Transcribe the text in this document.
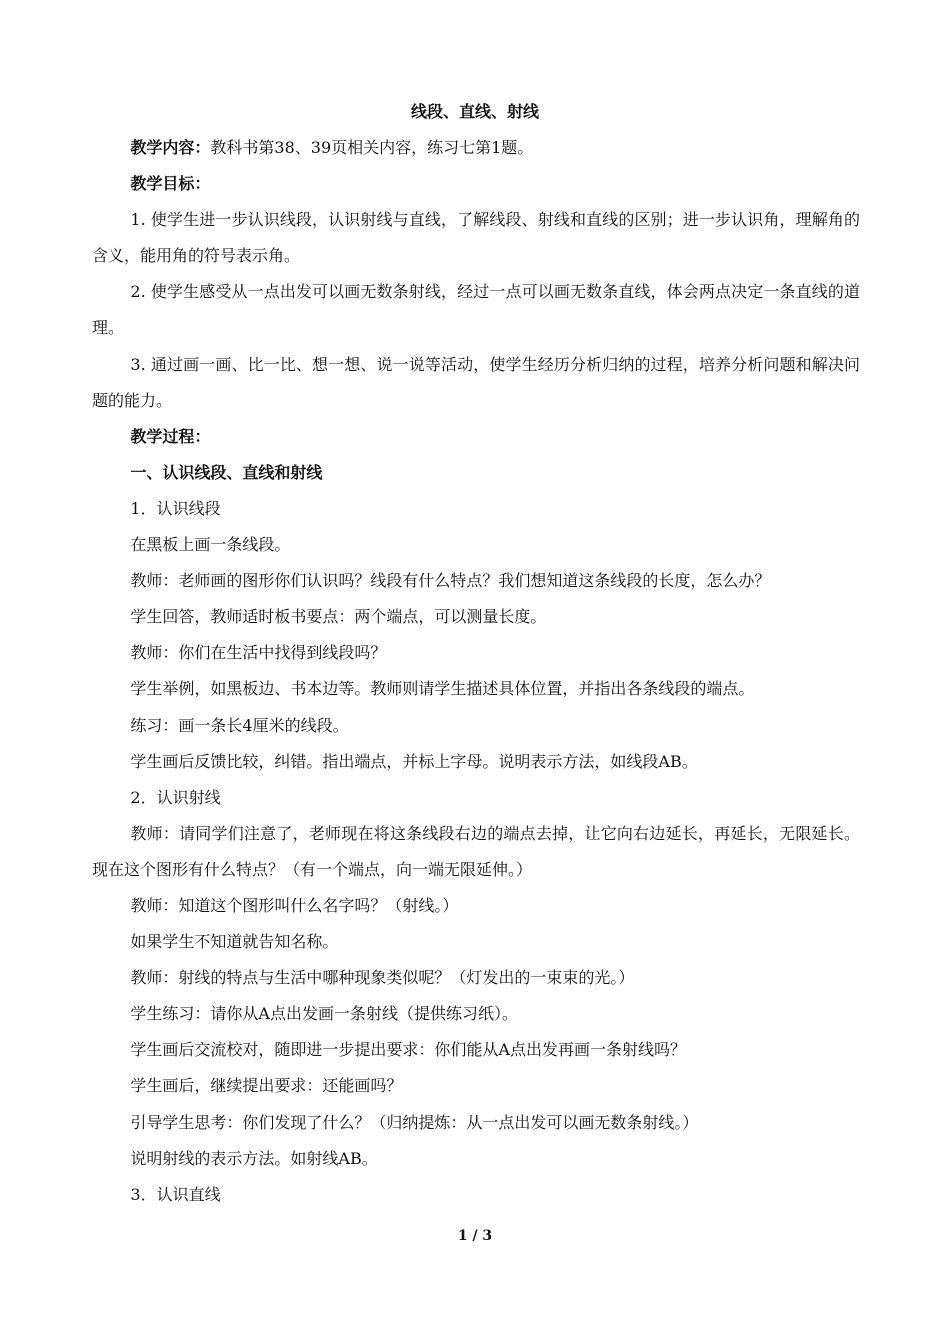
线段、直线、射线

教学内容：教科书第38、39页相关内容，练习七第1题。

教学目标：

1. 使学生进一步认识线段，认识射线与直线，了解线段、射线和直线的区别；进一步认识角，理解角的含义，能用角的符号表示角。

2. 使学生感受从一点出发可以画无数条射线，经过一点可以画无数条直线，体会两点决定一条直线的道理。

3. 通过画一画、比一比、想一想、说一说等活动，使学生经历分析归纳的过程，培养分析问题和解决问题的能力。

教学过程：

一、认识线段、直线和射线

1．认识线段

在黑板上画一条线段。

教师：老师画的图形你们认识吗？线段有什么特点？我们想知道这条线段的长度，怎么办？

学生回答，教师适时板书要点：两个端点，可以测量长度。

教师：你们在生活中找得到线段吗？

学生举例，如黑板边、书本边等。教师则请学生描述具体位置，并指出各条线段的端点。

练习：画一条长4厘米的线段。

学生画后反馈比较，纠错。指出端点，并标上字母。说明表示方法，如线段AB。

2．认识射线

教师：请同学们注意了，老师现在将这条线段右边的端点去掉，让它向右边延长，再延长，无限延长。现在这个图形有什么特点？（有一个端点，向一端无限延伸。）

教师：知道这个图形叫什么名字吗？（射线。）

如果学生不知道就告知名称。

教师：射线的特点与生活中哪种现象类似呢？（灯发出的一束束的光。）

学生练习：请你从A点出发画一条射线（提供练习纸）。

学生画后交流校对，随即进一步提出要求：你们能从A点出发再画一条射线吗？

学生画后，继续提出要求：还能画吗？

引导学生思考：你们发现了什么？（归纳提炼：从一点出发可以画无数条射线。）

说明射线的表示方法。如射线AB。

3．认识直线

1 / 3
